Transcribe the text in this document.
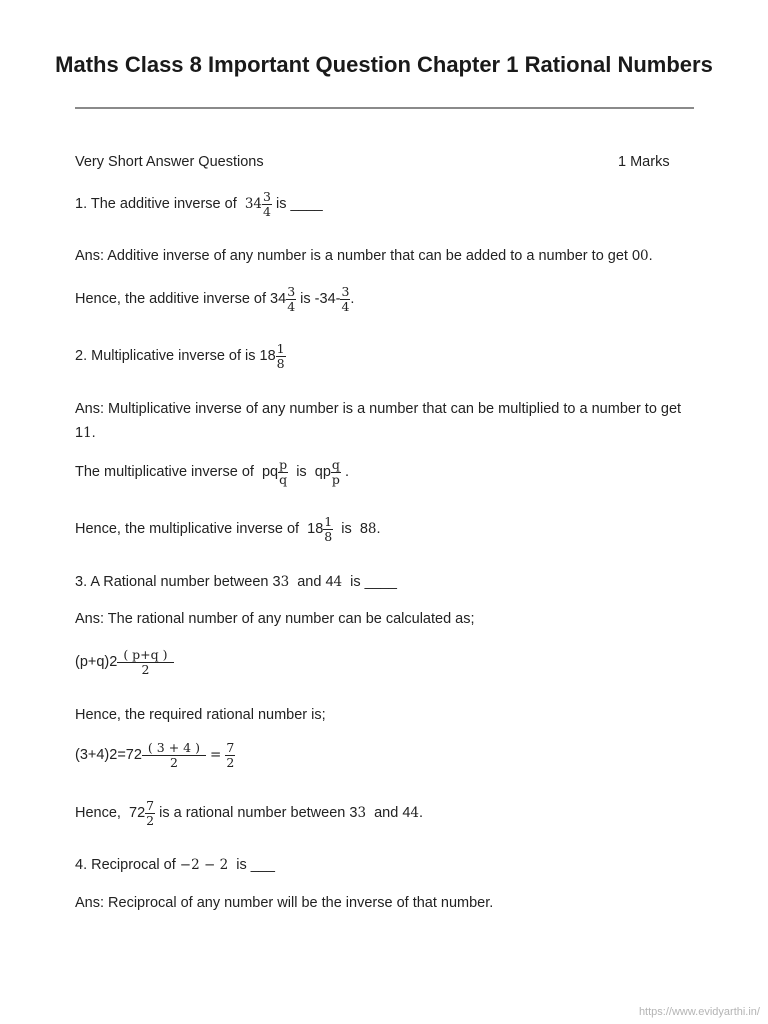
Maths Class 8 Important Question Chapter 1 Rational Numbers
Very Short Answer Questions	1 Marks
1. The additive inverse of $34 \frac{3}{4}$ is ____
Ans: Additive inverse of any number is a number that can be added to a number to get 00.
Hence, the additive inverse of $34 \frac{3}{4}$ is $-34- \frac{3}{4}$ .
2. Multiplicative inverse of is $18 \frac{1}{8}$
Ans: Multiplicative inverse of any number is a number that can be multiplied to a number to get 11.
The multiplicative inverse of pq $\frac{p}{q}$ is qp $\frac{q}{p}$ .
Hence, the multiplicative inverse of $18 \frac{1}{8}$ is 88.
3. A Rational number between 33 and 44 is ____
Ans: The rational number of any number can be calculated as;
$(p+q)2 \frac{( p+q )}{2}$
Hence, the required rational number is;
$(3+4)2=72 \frac{( 3 + 4 )}{2} = \frac{7}{2}$
Hence, $72 \frac{7}{2}$ is a rational number between 33 and 44.
4. Reciprocal of −2 − 2 is ___
Ans: Reciprocal of any number will be the inverse of that number.
https://www.evidyarthi.in/
